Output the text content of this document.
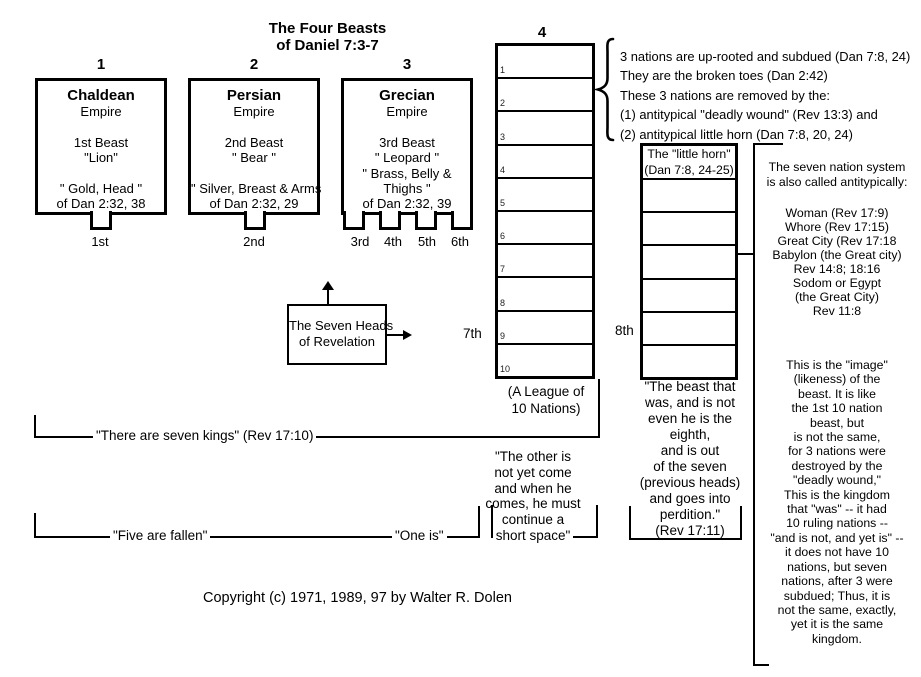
The Four Beasts
of Daniel 7:3-7
1	2	3
Chaldean
Empire
1st Beast
"Lion"
" Gold, Head "
of Dan 2:32, 38
Persian
Empire
2nd Beast
" Bear "
" Silver, Breast & Arms
of Dan 2:32, 29
Grecian
Empire
3rd Beast
" Leopard "
" Brass, Belly &
Thighs "
of Dan 2:32, 39
1st	2nd	3rd	4th	5th	6th
4
1
2
3
4
5
6
7
8
9
10
(A League of
10 Nations)
3 nations are up-rooted and subdued (Dan 7:8, 24)
They are the broken toes (Dan 2:42)
These 3 nations are removed by the:
(1) antitypical "deadly wound" (Rev 13:3) and
(2) antitypical little horn (Dan 7:8, 20, 24)
The "little horn"
(Dan 7:8, 24-25)
The Seven Heads
of Revelation
7th	8th
The seven nation system
is also called antitypically:
Woman (Rev 17:9)
Whore (Rev 17:15)
Great City (Rev 17:18
Babylon (the Great city)
Rev 14:8; 18:16
Sodom or Egypt
(the Great City)
Rev 11:8
This is the "image"
(likeness) of the
beast. It is like
the 1st 10 nation
beast, but
is not the same,
for 3 nations were
destroyed by the
"deadly wound,"
This is the kingdom
that "was" -- it had
10 ruling nations --
"and is not, and yet is" --
it does not have 10
nations, but seven
nations, after 3 were
subdued; Thus, it is
not the same, exactly,
yet it is the same
kingdom.
"There are seven kings" (Rev 17:10)
"Five are fallen"	"One is"
"The other is
not yet come
and when he
comes, he must
continue a
short space"
"The beast that
was, and is not
even he is the
eighth,
and is out
of the seven
(previous heads)
and goes into
perdition."
(Rev 17:11)
Copyright (c) 1971, 1989, 97 by Walter R. Dolen
